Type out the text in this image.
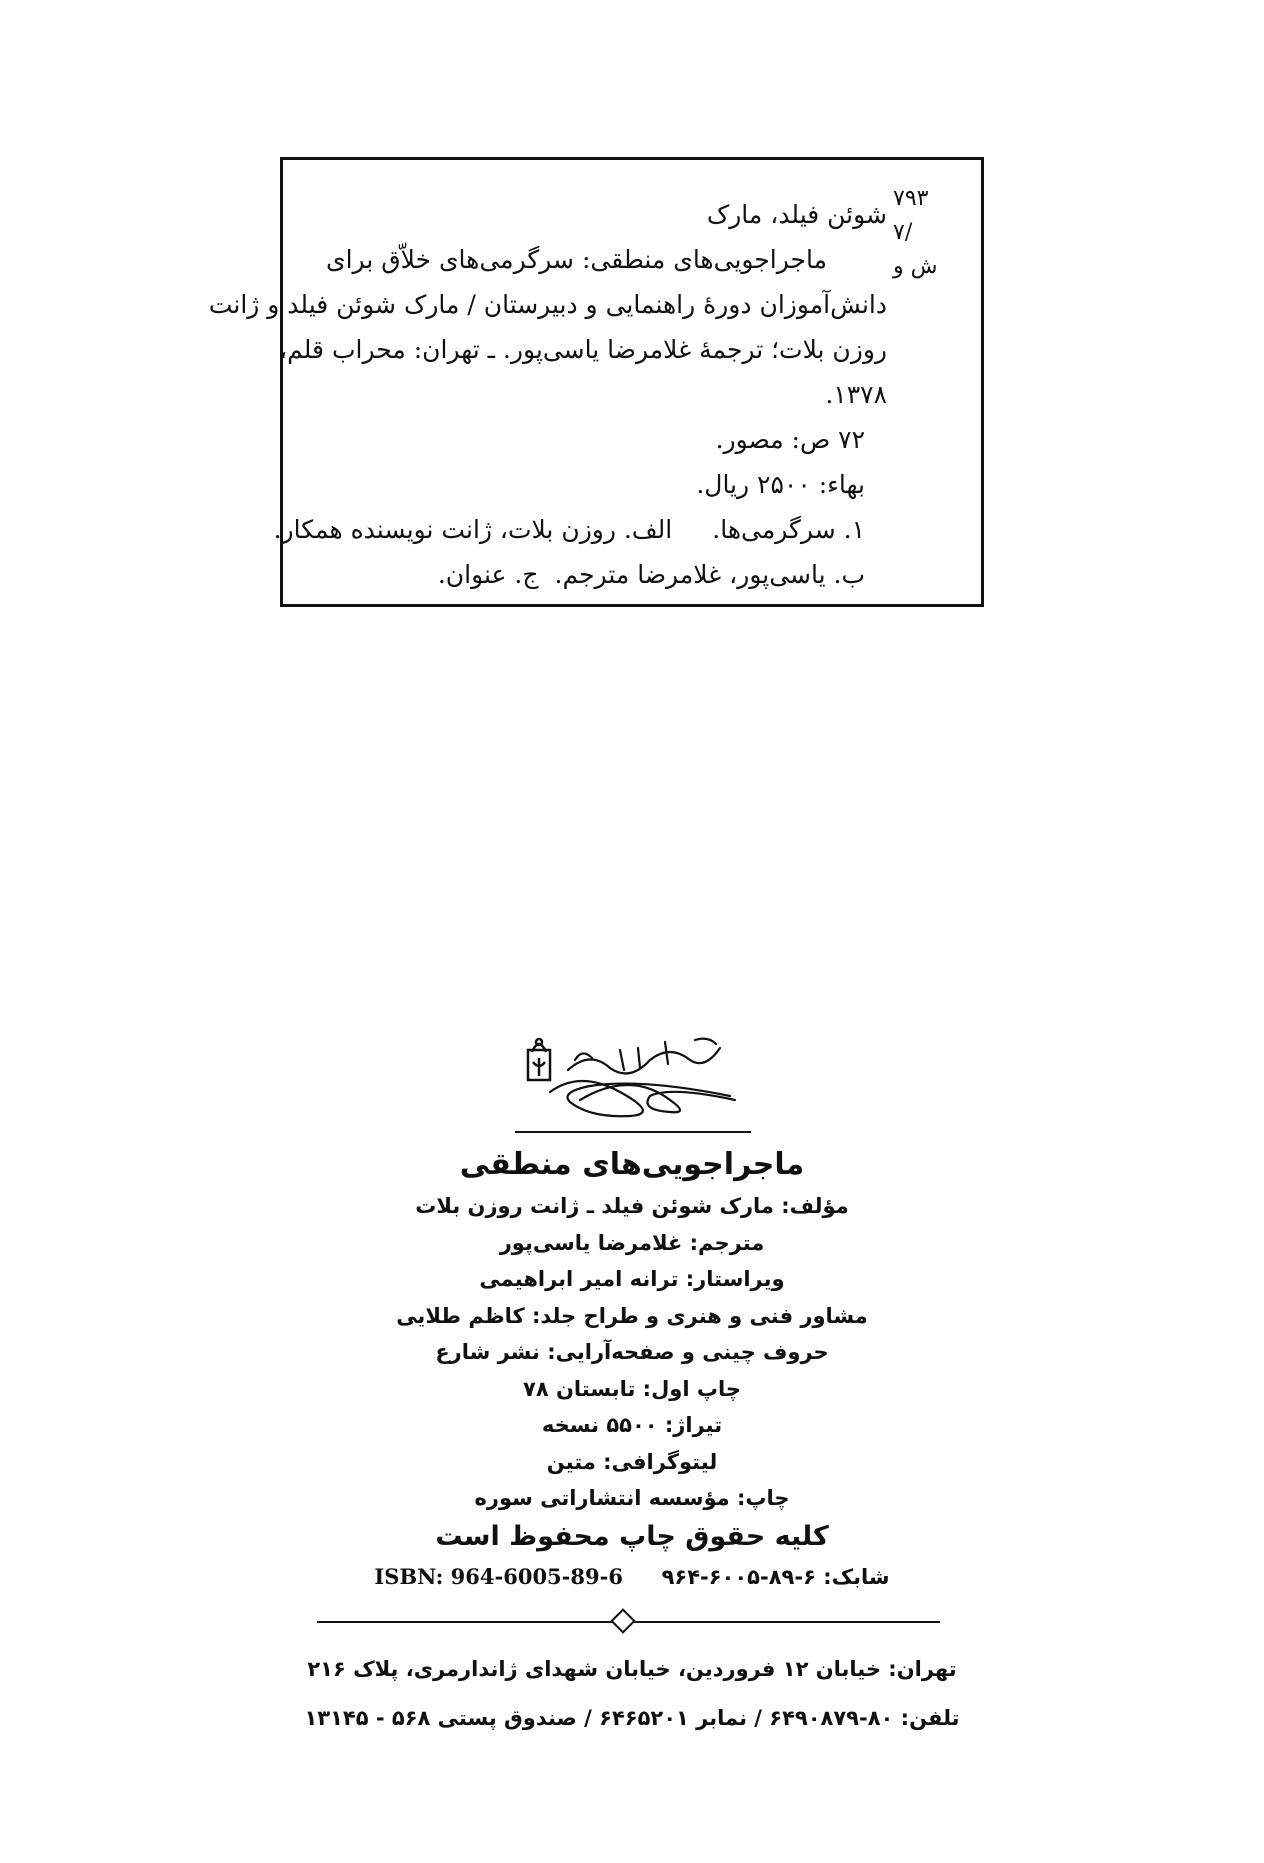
۷۹۳
/۷
ش و
شوئن فیلد، مارک
ماجراجویی‌های منطقی: سرگرمی‌های خلاّق برای
دانش‌آموزان دورهٔ راهنمایی و دبیرستان / مارک شوئن فیلد و ژانت
روزن بلات؛ ترجمهٔ غلامرضا یاسی‌پور. ـ تهران: محراب قلم،
۱۳۷۸.
۷۲ ص: مصور.
بهاء: ۲۵۰۰ ریال.
۱. سرگرمی‌ها.الف. روزن بلات، ژانت نویسنده همکار.
ب. یاسی‌پور، غلامرضا مترجم.ج. عنوان.
ماجراجویی‌های منطقی
مؤلف: مارک شوئن فیلد ـ ژانت روزن بلات
مترجم: غلامرضا یاسی‌پور
ویراستار: ترانه امیر ابراهیمی
مشاور فنی و هنری و طراح جلد: کاظم طلایی
حروف چینی و صفحه‌آرایی: نشر شارع
چاپ اول: تابستان ۷۸
تیراژ: ۵۵۰۰ نسخه
لیتوگرافی: متین
چاپ: مؤسسه انتشاراتی سوره
کلیه حقوق چاپ محفوظ است
شابک: ۶-۸۹-۶۰۰۵-۹۶۴  ISBN: 964-6005-89-6
تهران: خیابان ۱۲ فروردین، خیابان شهدای ژاندارمری، پلاک ۲۱۶
تلفن: ۸۰-۶۴۹۰۸۷۹ / نمابر ۶۴۶۵۲۰۱ / صندوق پستی ۵۶۸ - ۱۳۱۴۵
